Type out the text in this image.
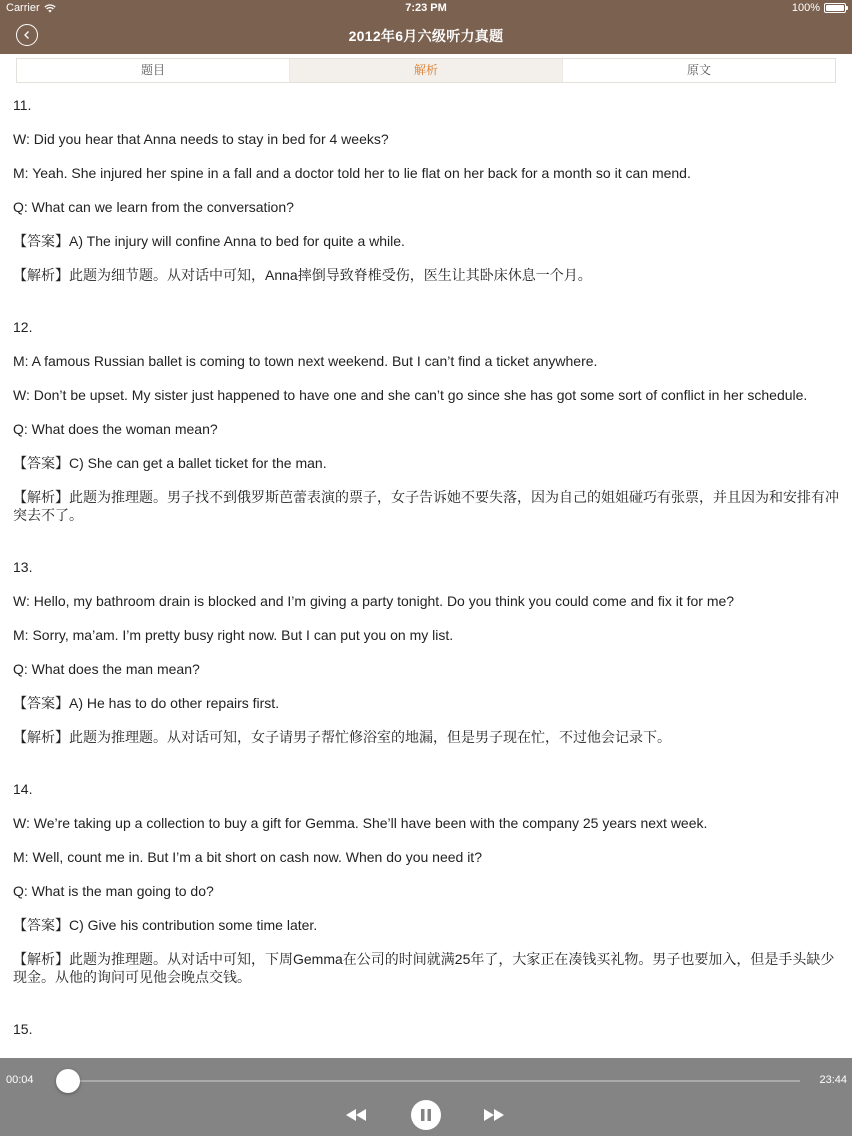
Carrier	7:23 PM	100%
2012年6月六级听力真题
题目	解析	原文
11.
W: Did you hear that Anna needs to stay in bed for 4 weeks?
M: Yeah. She injured her spine in a fall and a doctor told her to lie flat on her back for a month so it can mend.
Q: What can we learn from the conversation?
【答案】A) The injury will confine Anna to bed for quite a while.
【解析】此题为细节题。从对话中可知，Anna摔倒导致脊椎受伤，医生让其卧床休息一个月。
12.
M: A famous Russian ballet is coming to town next weekend. But I can’t find a ticket anywhere.
W: Don’t be upset. My sister just happened to have one and she can’t go since she has got some sort of conflict in her schedule.
Q: What does the woman mean?
【答案】C) She can get a ballet ticket for the man.
【解析】此题为推理题。男子找不到俄罗斯芭蕾表演的票子，女子告诉她不要失落，因为自己的姐姐碰巧有张票，并且因为和安排有冲突去不了。
13.
W: Hello, my bathroom drain is blocked and I’m giving a party tonight. Do you think you could come and fix it for me?
M: Sorry, ma’am. I’m pretty busy right now. But I can put you on my list.
Q: What does the man mean?
【答案】A) He has to do other repairs first.
【解析】此题为推理题。从对话可知，女子请男子帮忙修浴室的地漏，但是男子现在忙，不过他会记录下。
14.
W: We’re taking up a collection to buy a gift for Gemma. She’ll have been with the company 25 years next week.
M: Well, count me in. But I’m a bit short on cash now. When do you need it?
Q: What is the man going to do?
【答案】C) Give his contribution some time later.
【解析】此题为推理题。从对话中可知，下周Gemma在公司的时间就满25年了，大家正在凑钱买礼物。男子也要加入，但是手头缺少现金。从他的询问可见他会晚点交钱。
15.
00:04	23:44
